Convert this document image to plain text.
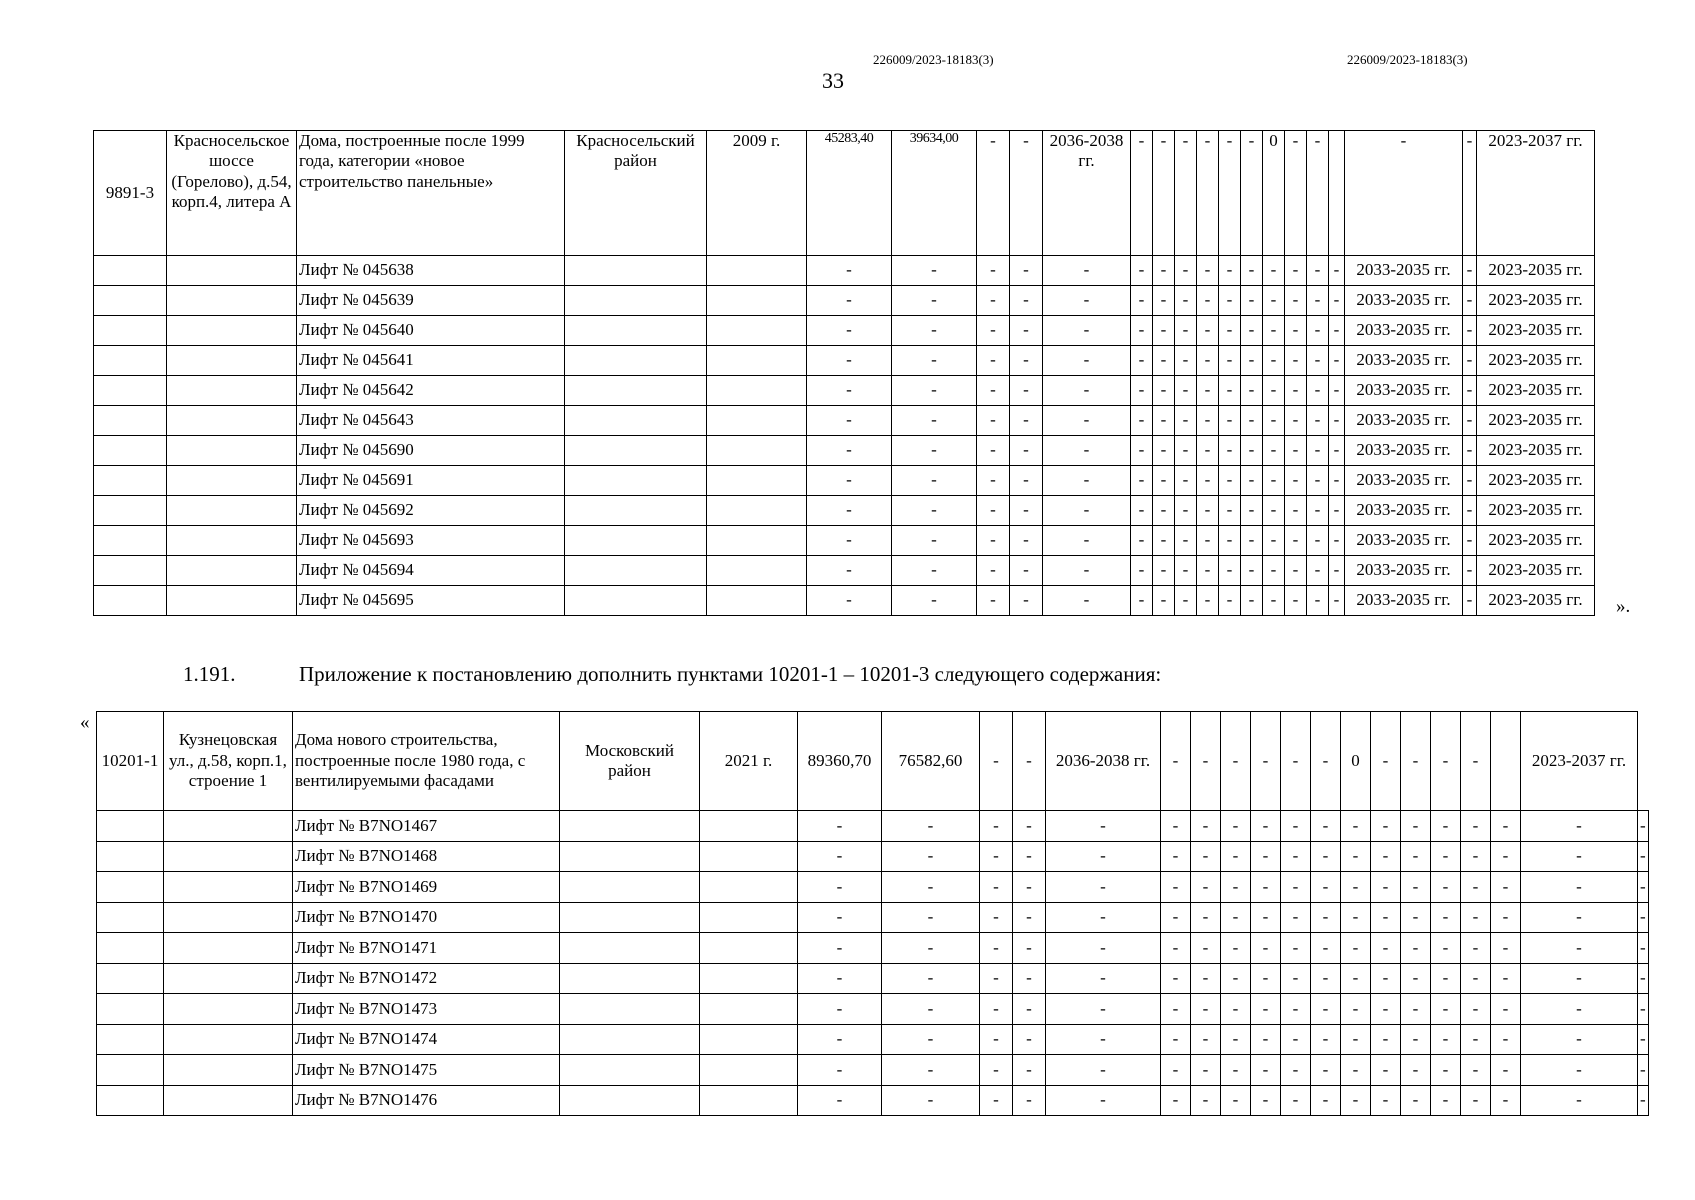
226009/2023-18183(3)	226009/2023-18183(3)
33
9891-3	Красносельское шоссе (Горелово), д.54, корп.4, литера А	Дома, построенные после 1999 года, категории «новое строительство панельные»	Красносельский район	2009 г.	45283,40	39634,00	-	-	2036-2038 гг.	-	-	-	-	-	-	0	-	-		-	-	2023-2037 гг.
		Лифт № 045638			-	-	-	-	-	-	-	-	-	-	-	-	-	-	-	2033-2035 гг.	-	2023-2035 гг.
		Лифт № 045639			-	-	-	-	-	-	-	-	-	-	-	-	-	-	-	2033-2035 гг.	-	2023-2035 гг.
		Лифт № 045640			-	-	-	-	-	-	-	-	-	-	-	-	-	-	-	2033-2035 гг.	-	2023-2035 гг.
		Лифт № 045641			-	-	-	-	-	-	-	-	-	-	-	-	-	-	-	2033-2035 гг.	-	2023-2035 гг.
		Лифт № 045642			-	-	-	-	-	-	-	-	-	-	-	-	-	-	-	2033-2035 гг.	-	2023-2035 гг.
		Лифт № 045643			-	-	-	-	-	-	-	-	-	-	-	-	-	-	-	2033-2035 гг.	-	2023-2035 гг.
		Лифт № 045690			-	-	-	-	-	-	-	-	-	-	-	-	-	-	-	2033-2035 гг.	-	2023-2035 гг.
		Лифт № 045691			-	-	-	-	-	-	-	-	-	-	-	-	-	-	-	2033-2035 гг.	-	2023-2035 гг.
		Лифт № 045692			-	-	-	-	-	-	-	-	-	-	-	-	-	-	-	2033-2035 гг.	-	2023-2035 гг.
		Лифт № 045693			-	-	-	-	-	-	-	-	-	-	-	-	-	-	-	2033-2035 гг.	-	2023-2035 гг.
		Лифт № 045694			-	-	-	-	-	-	-	-	-	-	-	-	-	-	-	2033-2035 гг.	-	2023-2035 гг.
		Лифт № 045695			-	-	-	-	-	-	-	-	-	-	-	-	-	-	-	2033-2035 гг.	-	2023-2035 гг. ».
1.191.	Приложение к постановлению дополнить пунктами 10201-1 – 10201-3 следующего содержания:
«
10201-1	Кузнецовская ул., д.58, корп.1, строение 1	Дома нового строительства, построенные после 1980 года, с вентилируемыми фасадами	Московский район	2021 г.	89360,70	76582,60	-	-	2036-2038 гг.	-	-	-	-	-	-	0	-	-	-	-		2023-2037 гг.	
		Лифт № B7NO1467			-	-	-	-	-	-	-	-	-	-	-	-	-	-	-	-	-	-	-
		Лифт № B7NO1468			-	-	-	-	-	-	-	-	-	-	-	-	-	-	-	-	-	-	-
		Лифт № B7NO1469			-	-	-	-	-	-	-	-	-	-	-	-	-	-	-	-	-	-	-
		Лифт № B7NO1470			-	-	-	-	-	-	-	-	-	-	-	-	-	-	-	-	-	-	-
		Лифт № B7NO1471			-	-	-	-	-	-	-	-	-	-	-	-	-	-	-	-	-	-	-
		Лифт № B7NO1472			-	-	-	-	-	-	-	-	-	-	-	-	-	-	-	-	-	-	-
		Лифт № B7NO1473			-	-	-	-	-	-	-	-	-	-	-	-	-	-	-	-	-	-	-
		Лифт № B7NO1474			-	-	-	-	-	-	-	-	-	-	-	-	-	-	-	-	-	-	-
		Лифт № B7NO1475			-	-	-	-	-	-	-	-	-	-	-	-	-	-	-	-	-	-	-
		Лифт № B7NO1476			-	-	-	-	-	-	-	-	-	-	-	-	-	-	-	-	-	-	-
